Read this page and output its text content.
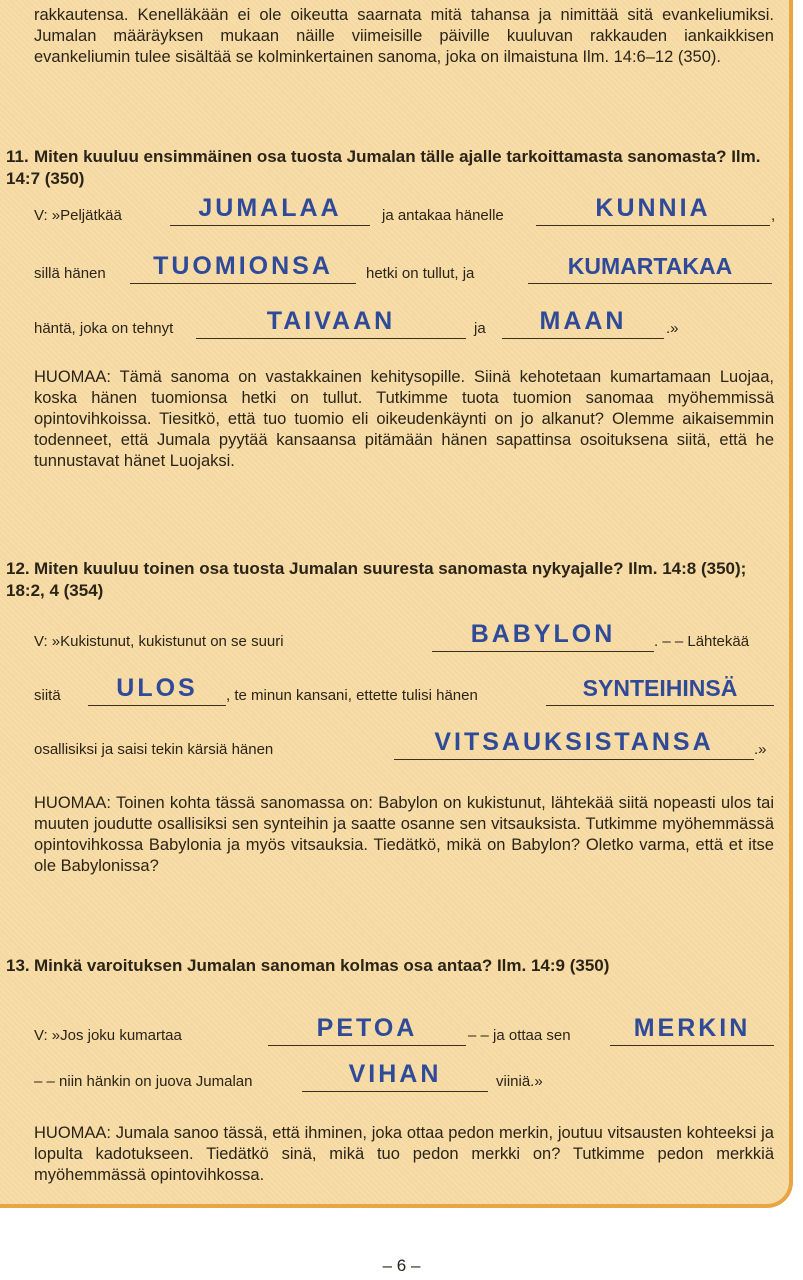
rakkautensa. Kenelläkään ei ole oikeutta saarnata mitä tahansa ja nimittää sitä evankeliumiksi. Jumalan määräyksen mukaan näille viimeisille päiville kuuluvan rakkauden iankaikkisen evankeliumin tulee sisältää se kolminkertainen sanoma, joka on ilmaistuna Ilm. 14:6–12 (350).

11. Miten kuuluu ensimmäinen osa tuosta Jumalan tälle ajalle tarkoittamasta sanomasta? Ilm. 14:7 (350)
V: »Peljätkää	JUMALAA	ja antakaa hänelle	KUNNIA	,
sillä hänen	TUOMIONSA	hetki on tullut, ja	KUMARTAKAA
häntä, joka on tehnyt	TAIVAAN	ja	MAAN	.»

HUOMAA: Tämä sanoma on vastakkainen kehitysopille. Siinä kehotetaan kumartamaan Luojaa, koska hänen tuomionsa hetki on tullut. Tutkimme tuota tuomion sanomaa myöhemmissä opintovihkoissa. Tiesitkö, että tuo tuomio eli oikeudenkäynti on jo alkanut? Olemme aikaisemmin todenneet, että Jumala pyytää kansaansa pitämään hänen sapattinsa osoituksena siitä, että he tunnustavat hänet Luojaksi.

12. Miten kuuluu toinen osa tuosta Jumalan suuresta sanomasta nykyajalle? Ilm. 14:8 (350); 18:2, 4 (354)
V: »Kukistunut, kukistunut on se suuri	BABYLON	. – – Lähtekää
siitä	ULOS	, te minun kansani, ettette tulisi hänen	SYNTEIHINSÄ
osallisiksi ja saisi tekin kärsiä hänen	VITSAUKSISTANSA	.»

HUOMAA: Toinen kohta tässä sanomassa on: Babylon on kukistunut, lähtekää siitä nopeasti ulos tai muuten joudutte osallisiksi sen synteihin ja saatte osanne sen vitsauksista. Tutkimme myöhemmässä opintovihkossa Babylonia ja myös vitsauksia. Tiedätkö, mikä on Babylon? Oletko varma, että et itse ole Babylonissa?

13. Minkä varoituksen Jumalan sanoman kolmas osa antaa? Ilm. 14:9 (350)
V: »Jos joku kumartaa	PETOA	– – ja ottaa sen	MERKIN
– – niin hänkin on juova Jumalan	VIHAN	viiniä.»

HUOMAA: Jumala sanoo tässä, että ihminen, joka ottaa pedon merkin, joutuu vitsausten kohteeksi ja lopulta kadotukseen. Tiedätkö sinä, mikä tuo pedon merkki on? Tutkimme pedon merkkiä myöhemmässä opintovihkossa.

– 6 –
